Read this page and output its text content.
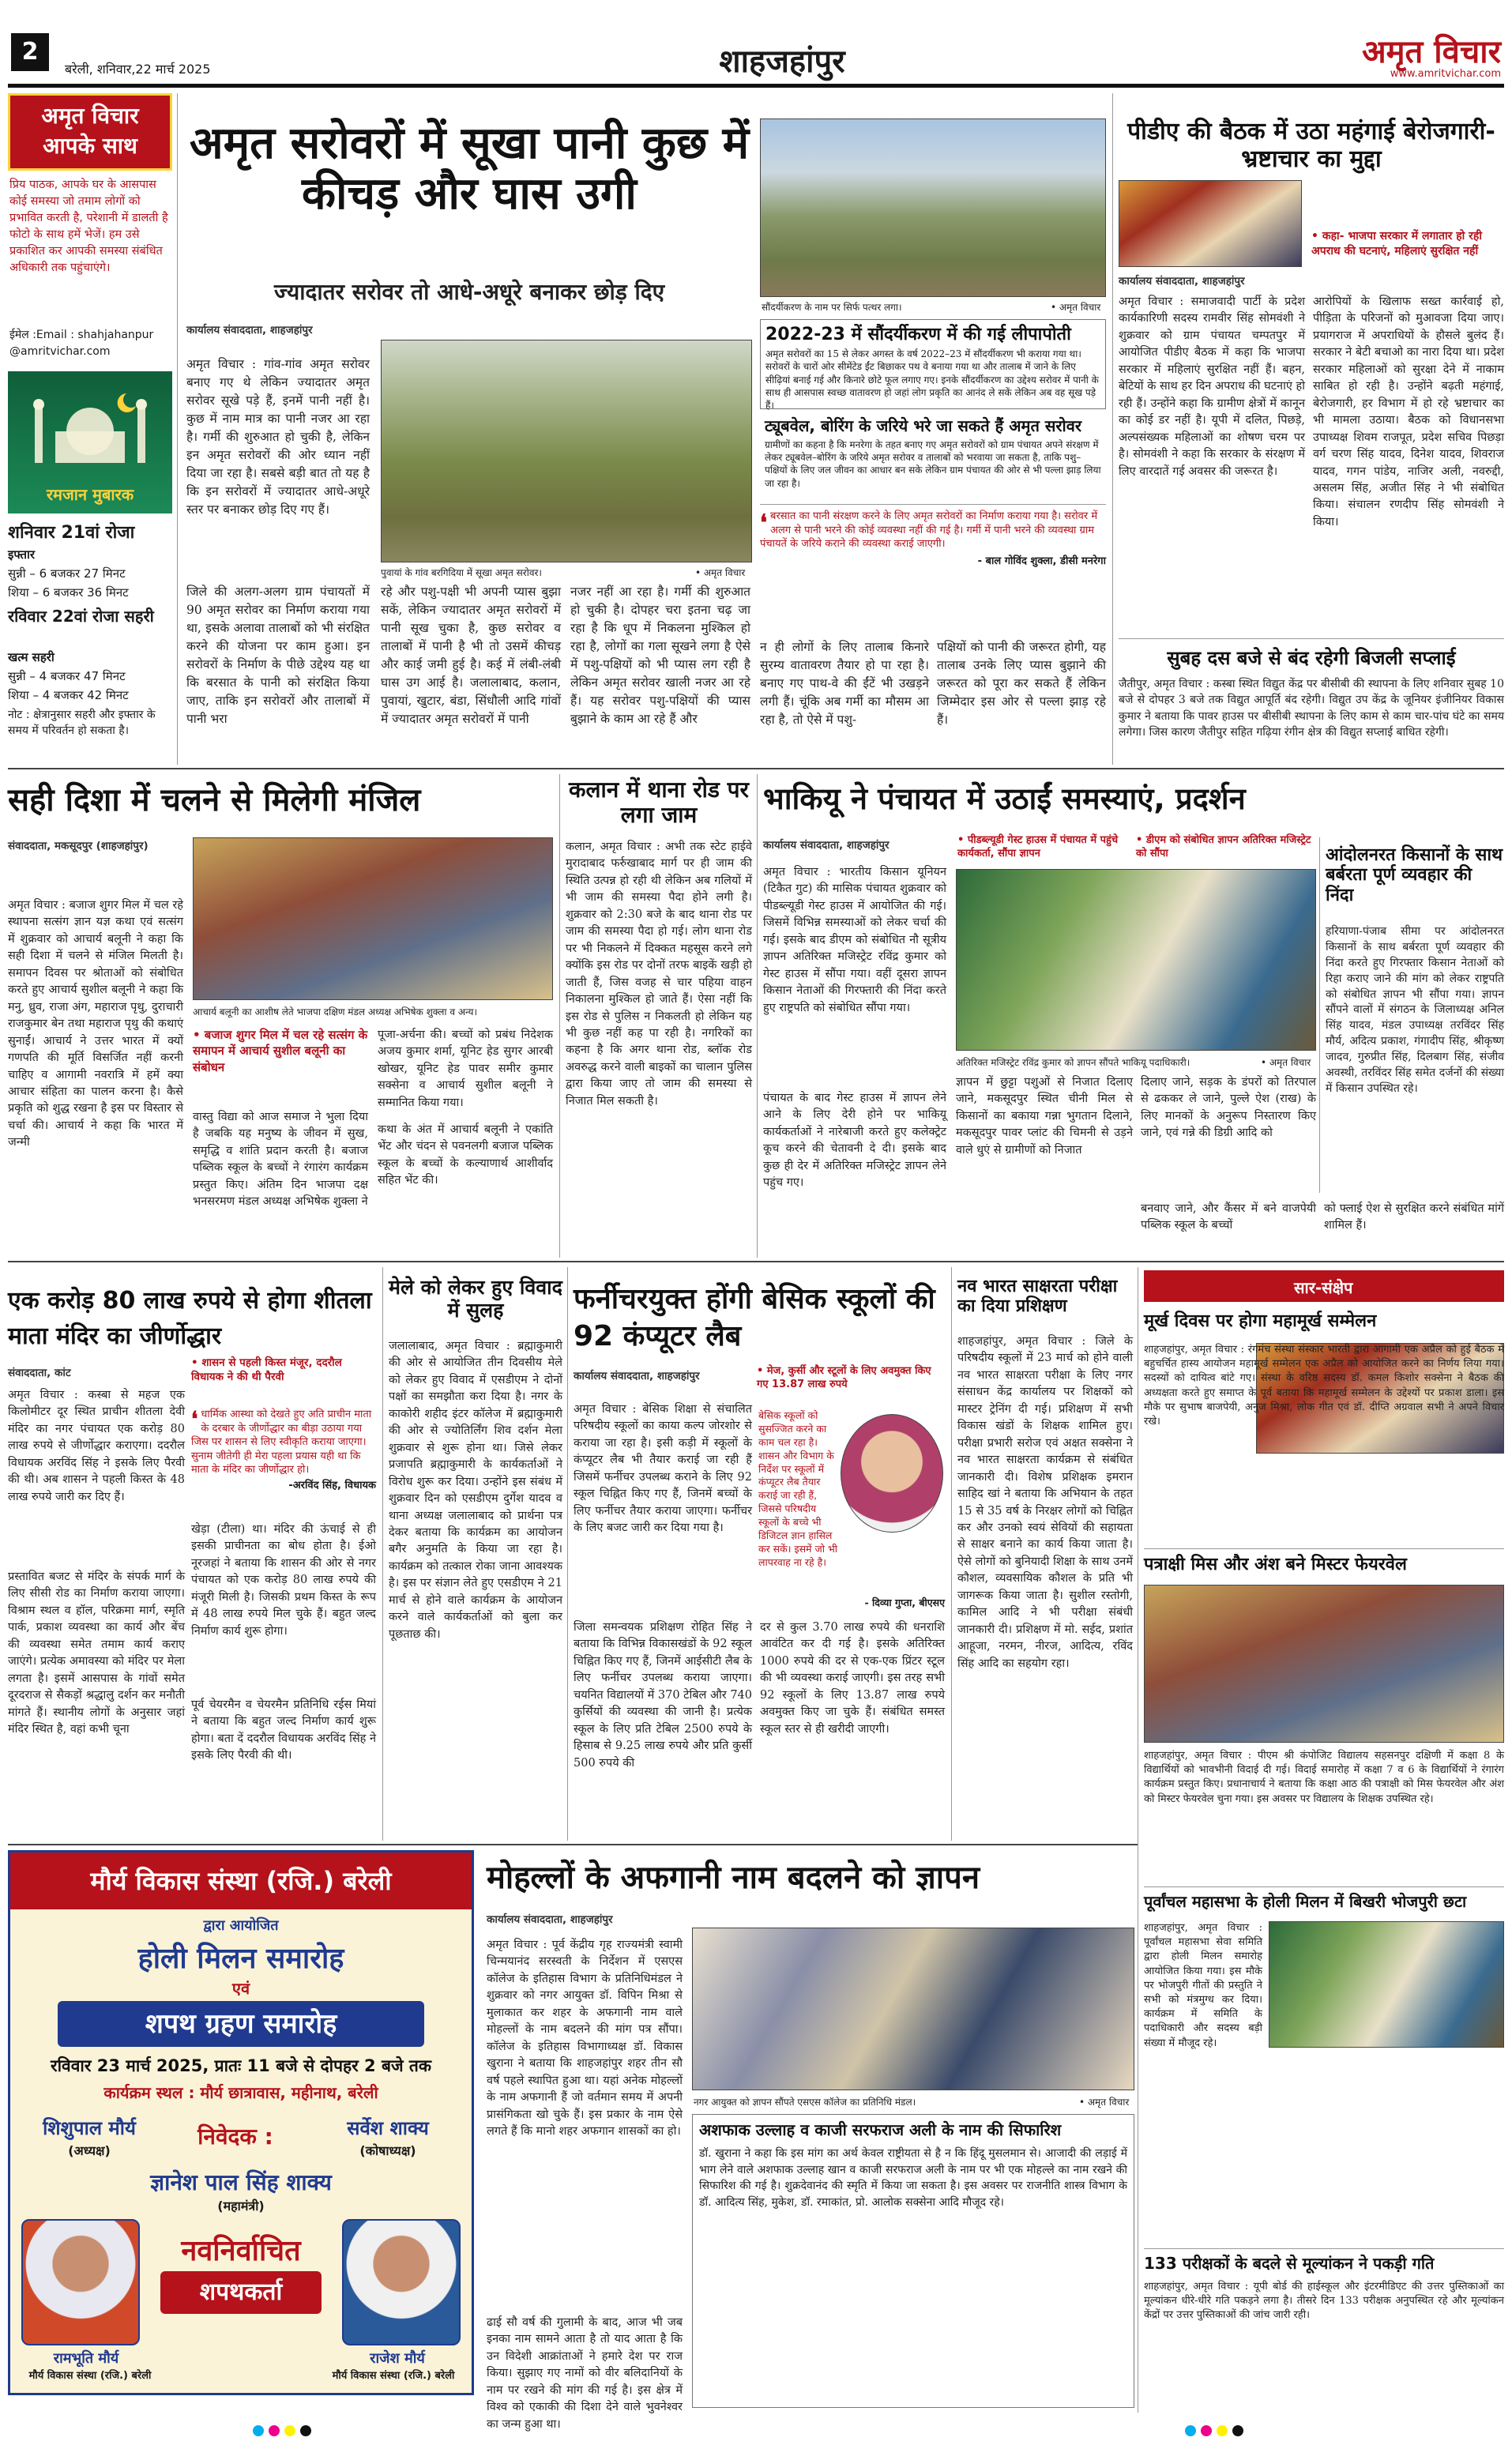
2
बरेली, शनिवार,22 मार्च 2025	शाहजहांपुर	अमृत विचार
www.amritvichar.com
अमृत विचार
आपके साथ
प्रिय पाठक, आपके घर के आसपास कोई समस्या जो तमाम लोगों को प्रभावित करती है, परेशानी में डालती है फोटो के साथ हमें भेजें। हम उसे प्रकाशित कर आपकी समस्या संबंधित अधिकारी तक पहुंचाएंगे।
ईमेल :Email : shahjahanpur @amritvichar.com
रमजान मुबारक
शनिवार 21वां रोजा
इफ्तार
सुन्नी – 6 बजकर 27 मिनट
शिया – 6 बजकर 36 मिनट
रविवार 22वां रोजा सहरी
खत्म सहरी
सुन्नी – 4 बजकर 47 मिनट
शिया – 4 बजकर 42 मिनट
नोट : क्षेत्रानुसार सहरी और इफ्तार के समय में परिवर्तन हो सकता है।
अमृत सरोवरों में सूखा पानी कुछ में कीचड़ और घास उगी
ज्यादातर सरोवर तो आधे-अधूरे बनाकर छोड़ दिए
कार्यालय संवाददाता, शाहजहांपुर
अमृत विचार : गांव-गांव अमृत सरोवर बनाए गए थे लेकिन ज्यादातर अमृत सरोवर सूखे पड़े हैं, इनमें पानी नहीं है। कुछ में नाम मात्र का पानी नजर आ रहा है। गर्मी की शुरुआत हो चुकी है, लेकिन इन अमृत सरोवरों की ओर ध्यान नहीं दिया जा रहा है। सबसे बड़ी बात तो यह है कि इन सरोवरों में ज्यादातर आधे-अधूरे स्तर पर बनाकर छोड़ दिए गए हैं।
पुवायां के गांव बरगिदिया में सूखा अमृत सरोवर।	• अमृत विचार
जिले की अलग-अलग ग्राम पंचायतों में 90 अमृत सरोवर का निर्माण कराया गया था, इसके अलावा तालाबों को भी संरक्षित करने की योजना पर काम हुआ। इन सरोवरों के निर्माण के पीछे उद्देश्य यह था कि बरसात के पानी को संरक्षित किया जाए, ताकि इन सरोवरों और तालाबों में पानी भरा
रहे और पशु-पक्षी भी अपनी प्यास बुझा सकें, लेकिन ज्यादातर अमृत सरोवरों में पानी सूख चुका है, कुछ सरोवर व तालाबों में पानी है भी तो उसमें कीचड़ और काई जमी हुई है। कई में लंबी-लंबी घास उग आई है। जलालाबाद, कलान, पुवायां, खुटार, बंडा, सिंधौली आदि गांवों में ज्यादातर अमृत सरोवरों में पानी
नजर नहीं आ रहा है। गर्मी की शुरुआत हो चुकी है। दोपहर चरा इतना चढ़ जा रहा है कि धूप में निकलना मुश्किल हो रहा है, लोगों का गला सूखने लगा है ऐसे में पशु-पक्षियों को भी प्यास लग रही है लेकिन अमृत सरोवर खाली नजर आ रहे हैं। यह सरोवर पशु-पक्षियों की प्यास बुझाने के काम आ रहे हैं और
सौंदर्यीकरण के नाम पर सिर्फ पत्थर लगा।	• अमृत विचार
2022-23 में सौंदर्यीकरण में की गई लीपापोती
अमृत सरोवरों का 15 से लेकर अगस्त के वर्ष 2022–23 में सौंदर्यीकरण भी कराया गया था। सरोवरों के चारों ओर सीमेंटेड ईंट बिछाकर पथ वे बनाया गया था और तालाब में जाने के लिए सीढ़ियां बनाई गई और किनारे छोटे फूल लगाए गए। इनके सौंदर्यीकरण का उद्देश्य सरोवर में पानी के साथ ही आसपास स्वच्छ वातावरण हो जहां लोग प्रकृति का आनंद ले सकें लेकिन अब वह सूख पड़े हैं।
ट्यूबवेल, बोरिंग के जरिये भरे जा सकते हैं अमृत सरोवर
ग्रामीणों का कहना है कि मनरेगा के तहत बनाए गए अमृत सरोवरों को ग्राम पंचायत अपने संरक्षण में लेकर ट्यूबवेल–बोरिंग के जरिये अमृत सरोवर व तालाबों को भरवाया जा सकता है, ताकि पशु–पक्षियों के लिए जल जीवन का आधार बन सके लेकिन ग्राम पंचायत की ओर से भी पल्ला झाड़ लिया जा रहा है।
❛ बरसात का पानी संरक्षण करने के लिए अमृत सरोवरों का निर्माण कराया गया है। सरोवर में अलग से पानी भरने की कोई व्यवस्था नहीं की गई है। गर्मी में पानी भरने की व्यवस्था ग्राम पंचायतें के जरिये कराने की व्यवस्था कराई जाएगी।
- बाल गोविंद शुक्ला, डीसी मनरेगा
न ही लोगों के लिए तालाब किनारे सुरम्य वातावरण तैयार हो पा रहा है। बनाए गए पाथ-वे की ईंटें भी उखड़ने लगी हैं। चूंकि अब गर्मी का मौसम आ रहा है, तो ऐसे में पशु-
पक्षियों को पानी की जरूरत होगी, यह तालाब उनके लिए प्यास बुझाने की जरूरत को पूरा कर सकते हैं लेकिन जिम्मेदार इस ओर से पल्ला झाड़ रहे हैं।
पीडीए की बैठक में उठा महंगाई बेरोजगारी-भ्रष्टाचार का मुद्दा
कार्यालय संवाददाता, शाहजहांपुर
• कहा- भाजपा सरकार में लगातार हो रही अपराध की घटनाएं, महिलाएं सुरक्षित नहीं
अमृत विचार : समाजवादी पार्टी के प्रदेश कार्यकारिणी सदस्य रामवीर सिंह सोमवंशी ने शुक्रवार को ग्राम पंचायत चम्पतपुर में आयोजित पीडीए बैठक में कहा कि भाजपा सरकार में महिलाएं सुरक्षित नहीं हैं। बहन, बेटियों के साथ हर दिन अपराध की घटनाएं हो रही हैं। उन्होंने कहा कि ग्रामीण क्षेत्रों में कानून का कोई डर नहीं है। यूपी में दलित, पिछड़े, अल्पसंख्यक महिलाओं का शोषण चरम पर है। सोमवंशी ने कहा कि सरकार के संरक्षण में लिए वारदातें गई अवसर की जरूरत है।
आरोपियों के खिलाफ सख्त कार्रवाई हो, पीड़िता के परिजनों को मुआवजा दिया जाए। प्रयागराज में अपराधियों के हौसले बुलंद हैं। सरकार ने बेटी बचाओ का नारा दिया था। प्रदेश सरकार महिलाओं को सुरक्षा देने में नाकाम साबित हो रही है। उन्होंने बढ़ती महंगाई, बेरोजगारी, हर विभाग में हो रहे भ्रष्टाचार का भी मामला उठाया। बैठक को विधानसभा उपाध्यक्ष शिवम राजपूत, प्रदेश सचिव पिछड़ा वर्ग चरण सिंह यादव, दिनेश यादव, शिवराज यादव, गगन पांडेय, नाजिर अली, नवरुद्दी, असलम सिंह, अजीत सिंह ने भी संबोधित किया। संचालन रणदीप सिंह सोमवंशी ने किया।
सुबह दस बजे से बंद रहेगी बिजली सप्लाई
जैतीपुर, अमृत विचार : कस्बा स्थित विद्युत केंद्र पर बीसीबी की स्थापना के लिए शनिवार सुबह 10 बजे से दोपहर 3 बजे तक विद्युत आपूर्ति बंद रहेगी। विद्युत उप केंद्र के जूनियर इंजीनियर विकास कुमार ने बताया कि पावर हाउस पर बीसीबी स्थापना के लिए काम से काम चार-पांच घंटे का समय लगेगा। जिस कारण जैतीपुर सहित गढ़िया रंगीन क्षेत्र की विद्युत सप्लाई बाधित रहेगी।
सही दिशा में चलने से मिलेगी मंजिल
संवाददाता, मकसूदपुर (शाहजहांपुर)
आचार्य बलूनी का आशीष लेते भाजपा दक्षिण मंडल अध्यक्ष अभिषेक शुक्ला व अन्य।
अमृत विचार : बजाज शुगर मिल में चल रहे स्थापना सत्संग ज्ञान यज्ञ कथा एवं सत्संग में शुक्रवार को आचार्य बलूनी ने कहा कि सही दिशा में चलने से मंजिल मिलती है। समापन दिवस पर श्रोताओं को संबोधित करते हुए आचार्य सुशील बलूनी ने कहा कि मनु, ध्रुव, राजा अंग, महाराज पृथु, दुराचारी राजकुमार बेन तथा महाराज पृथु की कथाएं सुनाईं। आचार्य ने उत्तर भारत में क्यों गणपति की मूर्ति विसर्जित नहीं करनी चाहिए व आगामी नवरात्रि में हमें क्या आचार संहिता का पालन करना है। कैसे प्रकृति को शुद्ध रखना है इस पर विस्तार से चर्चा की। आचार्य ने कहा कि भारत में जन्मी
• बजाज शुगर मिल में चल रहे सत्संग के समापन में आचार्य सुशील बलूनी का संबोधन
वास्तु विद्या को आज समाज ने भुला दिया है जबकि यह मनुष्य के जीवन में सुख, समृद्धि व शांति प्रदान करती है। बजाज पब्लिक स्कूल के बच्चों ने रंगारंग कार्यक्रम प्रस्तुत किए। अंतिम दिन भाजपा दक्ष भनसरमण मंडल अध्यक्ष अभिषेक शुक्ला ने
पूजा-अर्चना की। बच्चों को प्रबंध निदेशक अजय कुमार शर्मा, यूनिट हेड सुगर आरबी खोखर, यूनिट हेड पावर समीर कुमार सक्सेना व आचार्य सुशील बलूनी ने सम्मानित किया गया।
कथा के अंत में आचार्य बलूनी ने एकांति भेंट और चंदन से पवनलगी बजाज पब्लिक स्कूल के बच्चों के कल्याणार्थ आशीर्वाद सहित भेंट की।
कलान में थाना रोड पर लगा जाम
कलान, अमृत विचार : अभी तक स्टेट हाईवे मुरादाबाद फर्रुखाबाद मार्ग पर ही जाम की स्थिति उत्पन्न हो रही थी लेकिन अब गलियों में भी जाम की समस्या पैदा होने लगी है। शुक्रवार को 2:30 बजे के बाद थाना रोड पर जाम की समस्या पैदा हो गई। लोग थाना रोड पर भी निकलने में दिक्कत महसूस करने लगे क्योंकि इस रोड पर दोनों तरफ बाइकें खड़ी हो जाती हैं, जिस वजह से चार पहिया वाहन निकालना मुश्किल हो जाते हैं। ऐसा नहीं कि इस रोड से पुलिस न निकलती हो लेकिन यह भी कुछ नहीं कह पा रही है। नगरिकों का कहना है कि अगर थाना रोड, ब्लॉक रोड अवरुद्ध करने वाली बाइकों का चालान पुलिस द्वारा किया जाए तो जाम की समस्या से निजात मिल सकती है।
भाकियू ने पंचायत में उठाईं समस्याएं, प्रदर्शन
कार्यालय संवाददाता, शाहजहांपुर	• पीडब्ल्यूडी गेस्ट हाउस में पंचायत में पहुंचे कार्यकर्ता, सौंपा ज्ञापन
• डीएम को संबोधित ज्ञापन अतिरिक्त मजिस्ट्रेट को सौंपा
अमृत विचार : भारतीय किसान यूनियन (टिकैत गुट) की मासिक पंचायत शुक्रवार को पीडब्ल्यूडी गेस्ट हाउस में आयोजित की गई। जिसमें विभिन्न समस्याओं को लेकर चर्चा की गई। इसके बाद डीएम को संबोधित नौ सूत्रीय ज्ञापन अतिरिक्त मजिस्ट्रेट रविंद्र कुमार को गेस्ट हाउस में सौंपा गया। वहीं दूसरा ज्ञापन किसान नेताओं की गिरफ्तारी की निंदा करते हुए राष्ट्रपति को संबोधित सौंपा गया।
पंचायत के बाद गेस्ट हाउस में ज्ञापन लेने आने के लिए देरी होने पर भाकियू कार्यकर्ताओं ने नारेबाजी करते हुए कलेक्ट्रेट कूच करने की चेतावनी दे दी। इसके बाद कुछ ही देर में अतिरिक्त मजिस्ट्रेट ज्ञापन लेने पहुंच गए।
अतिरिक्त मजिस्ट्रेट रविंद्र कुमार को ज्ञापन सौंपते भाकियू पदाधिकारी।	• अमृत विचार
ज्ञापन में छुट्टा पशुओं से निजात दिलाए जाने, मकसूदपुर स्थित चीनी मिल से किसानों का बकाया गन्ना भुगतान दिलाने, मकसूदपुर पावर प्लांट की चिमनी से उड़ने वाले धुएं से ग्रामीणों को निजात
दिलाए जाने, सड़क के डंपरों को तिरपाल से ढककर ले जाने, पुल्ले ऐश (राख) के लिए मानकों के अनुरूप निस्तारण किए जाने, एवं गन्ने की डिग्री आदि को
बनवाए जाने, और कैंसर में बने वाजपेयी पब्लिक स्कूल के बच्चों
को फ्लाई ऐश से सुरक्षित करने संबंधित मांगें शामिल हैं।
आंदोलनरत किसानों के साथ बर्बरता पूर्ण व्यवहार की निंदा
हरियाणा-पंजाब सीमा पर आंदोलनरत किसानों के साथ बर्बरता पूर्ण व्यवहार की निंदा करते हुए गिरफ्तार किसान नेताओं को रिहा कराए जाने की मांग को लेकर राष्ट्रपति को संबोधित ज्ञापन भी सौंपा गया। ज्ञापन सौंपने वालों में संगठन के जिलाध्यक्ष अनिल सिंह यादव, मंडल उपाध्यक्ष तरविंदर सिंह मौर्य, अदित्य प्रकाश, गंगादीप सिंह, श्रीकृष्ण जादव, गुरुप्रीत सिंह, दिलबाग सिंह, संजीव अवस्थी, तरविंदर सिंह समेत दर्जनों की संख्या में किसान उपस्थित रहे।
एक करोड़ 80 लाख रुपये से होगा शीतला माता मंदिर का जीर्णोद्धार
संवाददाता, कांट
• शासन से पहली किस्त मंजूर, ददरौल विधायक ने की थी पैरवी
अमृत विचार : कस्बा से महज एक किलोमीटर दूर स्थित प्राचीन शीतला देवी मंदिर का नगर पंचायत एक करोड़ 80 लाख रुपये से जीर्णोद्धार कराएगा। ददरौल विधायक अरविंद सिंह ने इसके लिए पैरवी की थी। अब शासन ने पहली किस्त के 48 लाख रुपये जारी कर दिए हैं।
❛ धार्मिक आस्था को देखते हुए अति प्राचीन माता के दरबार के जीर्णोद्धार का बीड़ा उठाया गया जिस पर शासन से लिए स्वीकृति कराया जाएगा। सुनाम जीतेगी ही मेरा पहला प्रयास यही था कि माता के मंदिर का जीर्णोद्धार हो।
-अरविंद सिंह, विधायक
प्रस्तावित बजट से मंदिर के संपर्क मार्ग के लिए सीसी रोड का निर्माण कराया जाएगा। विश्राम स्थल व हॉल, परिक्रमा मार्ग, स्मृति पार्क, प्रकाश व्यवस्था का कार्य और बेंच की व्यवस्था समेत तमाम कार्य कराए जाएंगे। प्रत्येक अमावस्या को मंदिर पर मेला लगता है। इसमें आसपास के गांवों समेत दूरदराज से सैकड़ों श्रद्धालु दर्शन कर मनौती मांगते हैं। स्थानीय लोगों के अनुसार जहां मंदिर स्थित है, वहां कभी चूना
खेड़ा (टीला) था। मंदिर की ऊंचाई से ही इसकी प्राचीनता का बोध होता है। ईओ नूरजहां ने बताया कि शासन की ओर से नगर पंचायत को एक करोड़ 80 लाख रुपये की मंजूरी मिली है। जिसकी प्रथम किस्त के रूप में 48 लाख रुपये मिल चुके हैं। बहुत जल्द निर्माण कार्य शुरू होगा।
पूर्व चेयरमैन व चेयरमैन प्रतिनिधि रईस मियां ने बताया कि बहुत जल्द निर्माण कार्य शुरू होगा। बता दें ददरौल विधायक अरविंद सिंह ने इसके लिए पैरवी की थी।
मेले को लेकर हुए विवाद में सुलह
जलालाबाद, अमृत विचार : ब्रह्माकुमारी की ओर से आयोजित तीन दिवसीय मेले को लेकर हुए विवाद में एसडीएम ने दोनों पक्षों का समझौता करा दिया है। नगर के काकोरी शहीद इंटर कॉलेज में ब्रह्माकुमारी की ओर से ज्योतिर्लिंग शिव दर्शन मेला शुक्रवार से शुरू होना था। जिसे लेकर प्रजापति ब्रह्माकुमारी के कार्यकर्ताओं ने विरोध शुरू कर दिया। उन्होंने इस संबंध में शुक्रवार दिन को एसडीएम दुर्गेश यादव व थाना अध्यक्ष जलालाबाद को प्रार्थना पत्र देकर बताया कि कार्यक्रम का आयोजन बगैर अनुमति के किया जा रहा है। कार्यक्रम को तत्काल रोका जाना आवश्यक है। इस पर संज्ञान लेते हुए एसडीएम ने 21 मार्च से होने वाले कार्यक्रम के आयोजन करने वाले कार्यकर्ताओं को बुला कर पूछताछ की।
फर्नीचरयुक्त होंगी बेसिक स्कूलों की 92 कंप्यूटर लैब
कार्यालय संवाददाता, शाहजहांपुर	• मेज, कुर्सी और स्टूलों के लिए अवमुक्त किए गए 13.87 लाख रुपये
अमृत विचार : बेसिक शिक्षा से संचालित परिषदीय स्कूलों का काया कल्प जोरशोर से कराया जा रहा है। इसी कड़ी में स्कूलों के कंप्यूटर लैब भी तैयार कराई जा रही हैं जिसमें फर्नीचर उपलब्ध कराने के लिए 92 स्कूल चिह्नित किए गए हैं, जिनमें बच्चों के लिए फर्नीचर तैयार कराया जाएगा। फर्नीचर के लिए बजट जारी कर दिया गया है।
बेसिक स्कूलों को सुसज्जित करने का काम चल रहा है। शासन और विभाग के निर्देश पर स्कूलों में कंप्यूटर लैब तैयार कराई जा रही हैं, जिससे परिषदीय स्कूलों के बच्चे भी डिजिटल ज्ञान हासिल कर सकें। इसमें जो भी लापरवाह ना रहे है।
- दिव्या गुप्ता, बीएसए
जिला समन्वयक प्रशिक्षण रोहित सिंह ने बताया कि विभिन्न विकासखंडों के 92 स्कूल चिह्नित किए गए हैं, जिनमें आईसीटी लैब के लिए फर्नीचर उपलब्ध कराया जाएगा। चयनित विद्यालयों में 370 टेबिल और 740 कुर्सियों की व्यवस्था की जानी है। प्रत्येक स्कूल के लिए प्रति टेबिल 2500 रुपये के हिसाब से 9.25 लाख रुपये और प्रति कुर्सी 500 रुपये की
दर से कुल 3.70 लाख रुपये की धनराशि आवंटित कर दी गई है। इसके अतिरिक्त 1000 रुपये की दर से एक-एक प्रिंटर स्टूल की भी व्यवस्था कराई जाएगी। इस तरह सभी 92 स्कूलों के लिए 13.87 लाख रुपये अवमुक्त किए जा चुके हैं। संबंधित समस्त स्कूल स्तर से ही खरीदी जाएगी।
नव भारत साक्षरता परीक्षा का दिया प्रशिक्षण
शाहजहांपुर, अमृत विचार : जिले के परिषदीय स्कूलों में 23 मार्च को होने वाली नव भारत साक्षरता परीक्षा के लिए नगर संसाधन केंद्र कार्यालय पर शिक्षकों को मास्टर ट्रेनिंग दी गई। प्रशिक्षण में सभी विकास खंडों के शिक्षक शामिल हुए। परीक्षा प्रभारी सरोज एवं अक्षत सक्सेना ने नव भारत साक्षरता कार्यक्रम से संबंधित जानकारी दी। विशेष प्रशिक्षक इमरान साहिद खां ने बताया कि अभियान के तहत 15 से 35 वर्ष के निरक्षर लोगों को चिह्नित कर और उनको स्वयं सेवियों की सहायता से साक्षर बनाने का कार्य किया जाता है। ऐसे लोगों को बुनियादी शिक्षा के साथ उनमें कौशल, व्यवसायिक कौशल के प्रति भी जागरूक किया जाता है। सुशील रस्तोगी, कामिल आदि ने भी परीक्षा संबंधी जानकारी दी। प्रशिक्षण में मो. सईद, प्रशांत आहूजा, नरमन, नीरज, आदित्य, रविंद सिंह आदि का सहयोग रहा।
सार-संक्षेप
मूर्ख दिवस पर होगा महामूर्ख सम्मेलन
शाहजहांपुर, अमृत विचार : रंगमंच संस्था संस्कार भारती द्वारा आगामी एक अप्रैल को हुई बैठक में बहुचर्चित हास्य आयोजन महामूर्ख सम्मेलन एक अप्रैल को आयोजित करने का निर्णय लिया गया। सदस्यों को दायित्व बांटे गए। संस्था के वरिष्ठ सदस्य डॉ. कमल किशोर सक्सेना ने बैठक की अध्यक्षता करते हुए समाप्त के पूर्व बताया कि महामूर्ख सम्मेलन के उद्देश्यों पर प्रकाश डाला। इस मौके पर सुभाष बाजपेयी, अनुज मिश्रा, लोक गीत एवं डॉ. दीप्ति अग्रवाल सभी ने अपने विचार रखे।
पत्राक्षी मिस और अंश बने मिस्टर फेयरवेल
शाहजहांपुर, अमृत विचार : पीएम श्री कंपोजिट विद्यालय सहसनपुर दक्षिणी में कक्षा 8 के विद्यार्थियों को भावभीनी विदाई दी गई। विदाई समारोह में कक्षा 7 व 6 के विद्यार्थियों ने रंगारंग कार्यक्रम प्रस्तुत किए। प्रधानाचार्य ने बताया कि कक्षा आठ की पत्राक्षी को मिस फेयरवेल और अंश को मिस्टर फेयरवेल चुना गया। इस अवसर पर विद्यालय के शिक्षक उपस्थित रहे।
पूर्वांचल महासभा के होली मिलन में बिखरी भोजपुरी छटा
शाहजहांपुर, अमृत विचार : पूर्वांचल महासभा सेवा समिति द्वारा होली मिलन समारोह आयोजित किया गया। इस मौके पर भोजपुरी गीतों की प्रस्तुति ने सभी को मंत्रमुग्ध कर दिया। कार्यक्रम में समिति के पदाधिकारी और सदस्य बड़ी संख्या में मौजूद रहे।
133 परीक्षकों के बदले से मूल्यांकन ने पकड़ी गति
शाहजहांपुर, अमृत विचार : यूपी बोर्ड की हाईस्कूल और इंटरमीडिएट की उत्तर पुस्तिकाओं का मूल्यांकन धीरे-धीरे गति पकड़ने लगा है। तीसरे दिन 133 परीक्षक अनुपस्थित रहे और मूल्यांकन केंद्रों पर उत्तर पुस्तिकाओं की जांच जारी रही।
मौर्य विकास संस्था (रजि.) बरेली
द्वारा आयोजित
होली मिलन समारोह
एवं
शपथ ग्रहण समारोह
रविवार 23 मार्च 2025, प्रातः 11 बजे से दोपहर 2 बजे तक
कार्यक्रम स्थल : मौर्य छात्रावास, महीनाथ, बरेली
शिशुपाल मौर्य
(अध्यक्ष)
निवेदक :	सर्वेश शाक्य
(कोषाध्यक्ष)
ज्ञानेश पाल सिंह शाक्य
(महामंत्री)
नवनिर्वाचित
शपथकर्ता
रामभूति मौर्य
मौर्य विकास संस्था (रजि.) बरेली
राजेश मौर्य
मौर्य विकास संस्था (रजि.) बरेली
मोहल्लों के अफगानी नाम बदलने को ज्ञापन
कार्यालय संवाददाता, शाहजहांपुर
अमृत विचार : पूर्व केंद्रीय गृह राज्यमंत्री स्वामी चिन्मयानंद सरस्वती के निर्देशन में एसएस कॉलेज के इतिहास विभाग के प्रतिनिधिमंडल ने शुक्रवार को नगर आयुक्त डॉ. विपिन मिश्रा से मुलाकात कर शहर के अफगानी नाम वाले मोहल्लों के नाम बदलने की मांग पत्र सौंपा। कॉलेज के इतिहास विभागाध्यक्ष डॉ. विकास खुराना ने बताया कि शाहजहांपुर शहर तीन सौ वर्ष पहले स्थापित हुआ था। यहां अनेक मोहल्लों के नाम अफगानी हैं जो वर्तमान समय में अपनी प्रासंगिकता खो चुके हैं। इस प्रकार के नाम ऐसे लगते हैं कि मानो शहर अफगान शासकों का हो।
ढाई सौ वर्ष की गुलामी के बाद, आज भी जब इनका नाम सामने आता है तो याद आता है कि उन विदेशी आक्रांताओं ने हमारे देश पर राज किया। सुझाए गए नामों को वीर बलिदानियों के नाम पर रखने की मांग की गई है। इस क्षेत्र में विश्व को एकाकी की दिशा देने वाले भुवनेश्वर का जन्म हुआ था।
नगर आयुक्त को ज्ञापन सौंपते एसएस कॉलेज का प्रतिनिधि मंडल।	• अमृत विचार
अशफाक उल्लाह व काजी सरफराज अली के नाम की सिफारिश
डॉ. खुराना ने कहा कि इस मांग का अर्थ केवल राष्ट्रीयता से है न कि हिंदू मुसलमान से। आजादी की लड़ाई में भाग लेने वाले अशफाक उल्लाह खान व काजी सरफराज अली के नाम पर भी एक मोहल्ले का नाम रखने की सिफारिश की गई है। शुक्रदेवानंद की स्मृति में किया जा सकता है। इस अवसर पर राजनीति शास्त्र विभाग के डॉ. आदित्य सिंह, मुकेश, डॉ. रमाकांत, प्रो. आलोक सक्सेना आदि मौजूद रहे।
